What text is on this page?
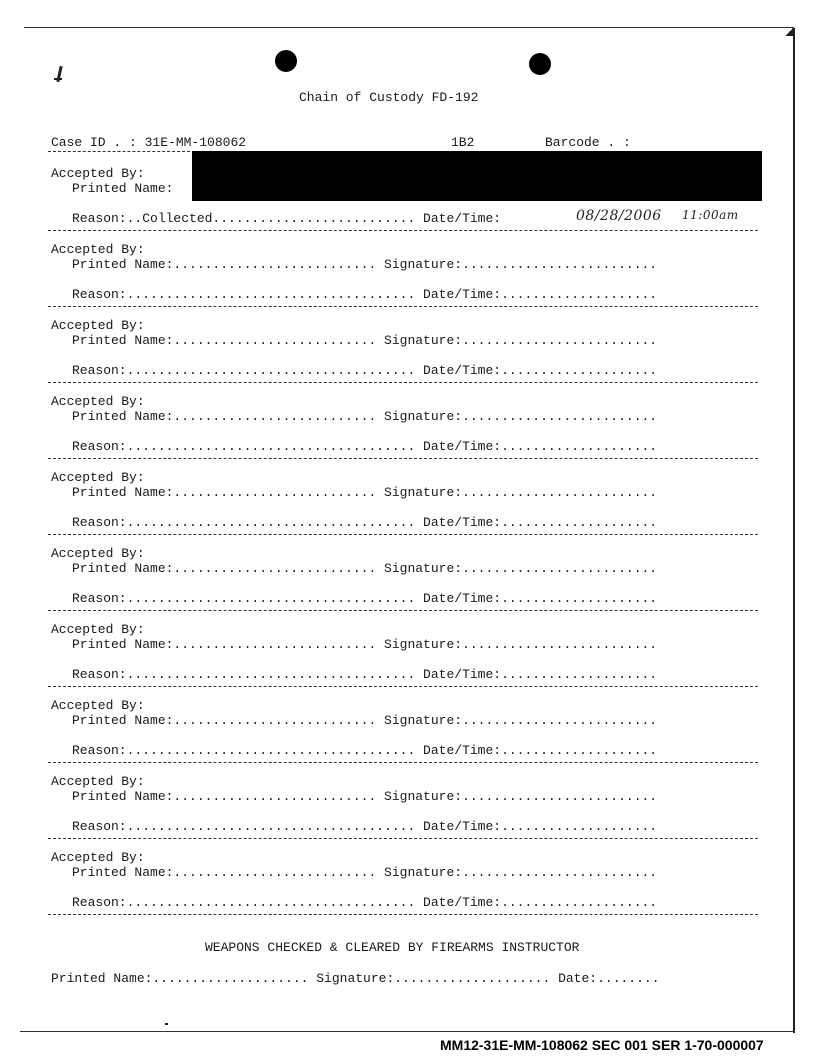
Chain of Custody FD-192
Case ID . : 31E-MM-108062	1B2	Barcode . :
Accepted By:
Printed Name:
Reason:..Collected.......................... Date/Time:	08/28/2006 11:00am
Accepted By:
Printed Name:.......................... Signature:.........................
Reason:..................................... Date/Time:....................
Accepted By:
Printed Name:.......................... Signature:.........................
Reason:..................................... Date/Time:....................
Accepted By:
Printed Name:.......................... Signature:.........................
Reason:..................................... Date/Time:....................
Accepted By:
Printed Name:.......................... Signature:.........................
Reason:..................................... Date/Time:....................
Accepted By:
Printed Name:.......................... Signature:.........................
Reason:..................................... Date/Time:....................
Accepted By:
Printed Name:.......................... Signature:.........................
Reason:..................................... Date/Time:....................
Accepted By:
Printed Name:.......................... Signature:.........................
Reason:..................................... Date/Time:....................
Accepted By:
Printed Name:.......................... Signature:.........................
Reason:..................................... Date/Time:....................
Accepted By:
Printed Name:.......................... Signature:.........................
Reason:..................................... Date/Time:....................
WEAPONS CHECKED & CLEARED BY FIREARMS INSTRUCTOR
Printed Name:.................... Signature:.................... Date:........
MM12-31E-MM-108062 SEC 001 SER 1-70-000007
